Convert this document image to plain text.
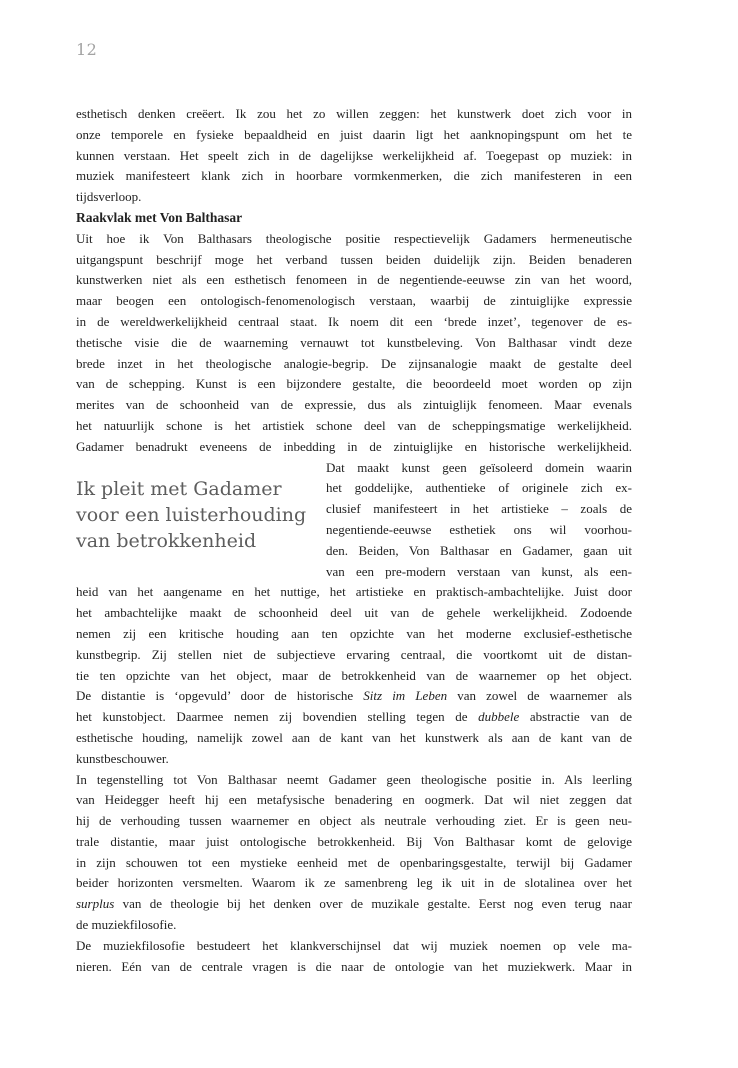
12

esthetisch denken creëert. Ik zou het zo willen zeggen: het kunstwerk doet zich voor in
onze temporele en fysieke bepaaldheid en juist daarin ligt het aanknopingspunt om het te
kunnen verstaan. Het speelt zich in de dagelijkse werkelijkheid af. Toegepast op muziek: in
muziek manifesteert klank zich in hoorbare vormkenmerken, die zich manifesteren in een
tijdsverloop.

Raakvlak met Von Balthasar

Uit hoe ik Von Balthasars theologische positie respectievelijk Gadamers hermeneutische
uitgangspunt beschrijf moge het verband tussen beiden duidelijk zijn. Beiden benaderen
kunstwerken niet als een esthetisch fenomeen in de negentiende-eeuwse zin van het woord,
maar beogen een ontologisch-fenomenologisch verstaan, waarbij de zintuiglijke expressie
in de wereldwerkelijkheid centraal staat. Ik noem dit een ‘brede inzet’, tegenover de es-
thetische visie die de waarneming vernauwt tot kunstbeleving. Von Balthasar vindt deze
brede inzet in het theologische analogie-begrip. De zijnsanalogie maakt de gestalte deel
van de schepping. Kunst is een bijzondere gestalte, die beoordeeld moet worden op zijn
merites van de schoonheid van de expressie, dus als zintuiglijk fenomeen. Maar evenals
het natuurlijk schone is het artistiek schone deel van de scheppingsmatige werkelijkheid.
Gadamer benadrukt eveneens de inbedding in de zintuiglijke en historische werkelijkheid.

Ik pleit met Gadamer
voor een luisterhouding
van betrokkenheid
Dat maakt kunst geen geïsoleerd domein waarin
het goddelijke, authentieke of originele zich ex-
clusief manifesteert in het artistieke – zoals de
negentiende-eeuwse esthetiek ons wil voorhou-
den. Beiden, Von Balthasar en Gadamer, gaan uit
van een pre-modern verstaan van kunst, als een-

heid van het aangename en het nuttige, het artistieke en praktisch-ambachtelijke. Juist door
het ambachtelijke maakt de schoonheid deel uit van de gehele werkelijkheid. Zodoende
nemen zij een kritische houding aan ten opzichte van het moderne exclusief-esthetische
kunstbegrip. Zij stellen niet de subjectieve ervaring centraal, die voortkomt uit de distan-
tie ten opzichte van het object, maar de betrokkenheid van de waarnemer op het object.
De distantie is ‘opgevuld’ door de historische Sitz im Leben van zowel de waarnemer als
het kunstobject. Daarmee nemen zij bovendien stelling tegen de dubbele abstractie van de
esthetische houding, namelijk zowel aan de kant van het kunstwerk als aan de kant van de
kunstbeschouwer.

In tegenstelling tot Von Balthasar neemt Gadamer geen theologische positie in. Als leerling
van Heidegger heeft hij een metafysische benadering en oogmerk. Dat wil niet zeggen dat
hij de verhouding tussen waarnemer en object als neutrale verhouding ziet. Er is geen neu-
trale distantie, maar juist ontologische betrokkenheid. Bij Von Balthasar komt de gelovige
in zijn schouwen tot een mystieke eenheid met de openbaringsgestalte, terwijl bij Gadamer
beider horizonten versmelten. Waarom ik ze samenbreng leg ik uit in de slotalinea over het
surplus van de theologie bij het denken over de muzikale gestalte. Eerst nog even terug naar
de muziekfilosofie.

De muziekfilosofie bestudeert het klankverschijnsel dat wij muziek noemen op vele ma-
nieren. Eén van de centrale vragen is die naar de ontologie van het muziekwerk. Maar in
